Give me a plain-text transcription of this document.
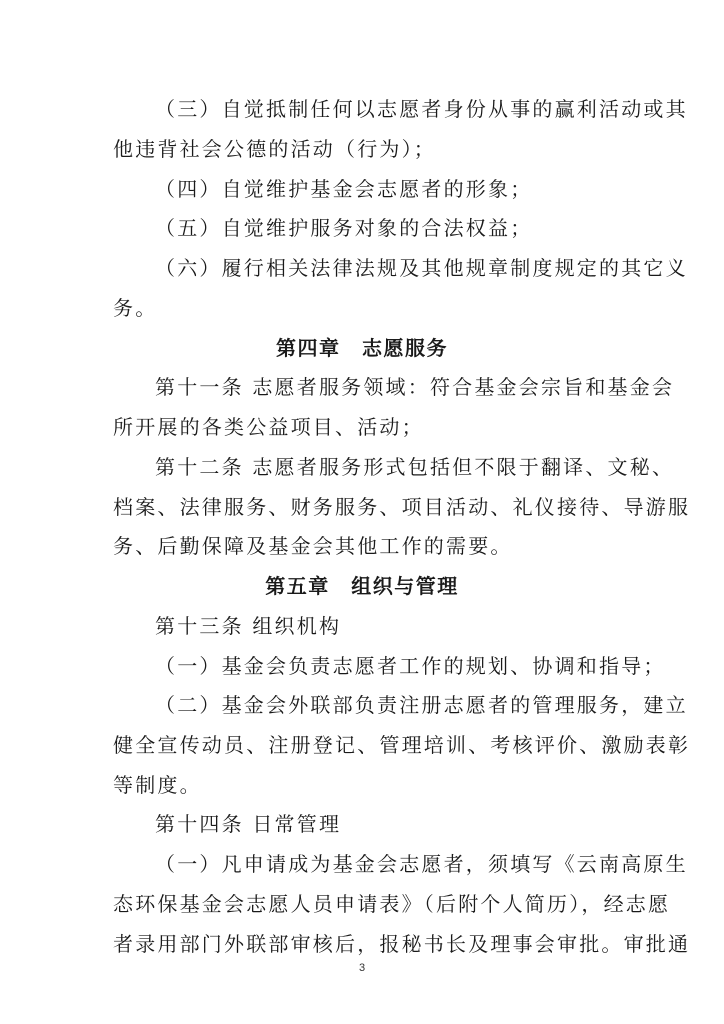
（三）自觉抵制任何以志愿者身份从事的赢利活动或其
他违背社会公德的活动（行为）；
（四）自觉维护基金会志愿者的形象；
（五）自觉维护服务对象的合法权益；
（六）履行相关法律法规及其他规章制度规定的其它义
务。
第四章　志愿服务
第十一条 志愿者服务领域：符合基金会宗旨和基金会
所开展的各类公益项目、活动；
第十二条 志愿者服务形式包括但不限于翻译、文秘、
档案、法律服务、财务服务、项目活动、礼仪接待、导游服
务、后勤保障及基金会其他工作的需要。
第五章　组织与管理
第十三条 组织机构
（一）基金会负责志愿者工作的规划、协调和指导；
（二）基金会外联部负责注册志愿者的管理服务，建立
健全宣传动员、注册登记、管理培训、考核评价、激励表彰
等制度。
第十四条 日常管理
（一）凡申请成为基金会志愿者，须填写《云南高原生
态环保基金会志愿人员申请表》（后附个人简历），经志愿
者录用部门外联部审核后，报秘书长及理事会审批。审批通
3
